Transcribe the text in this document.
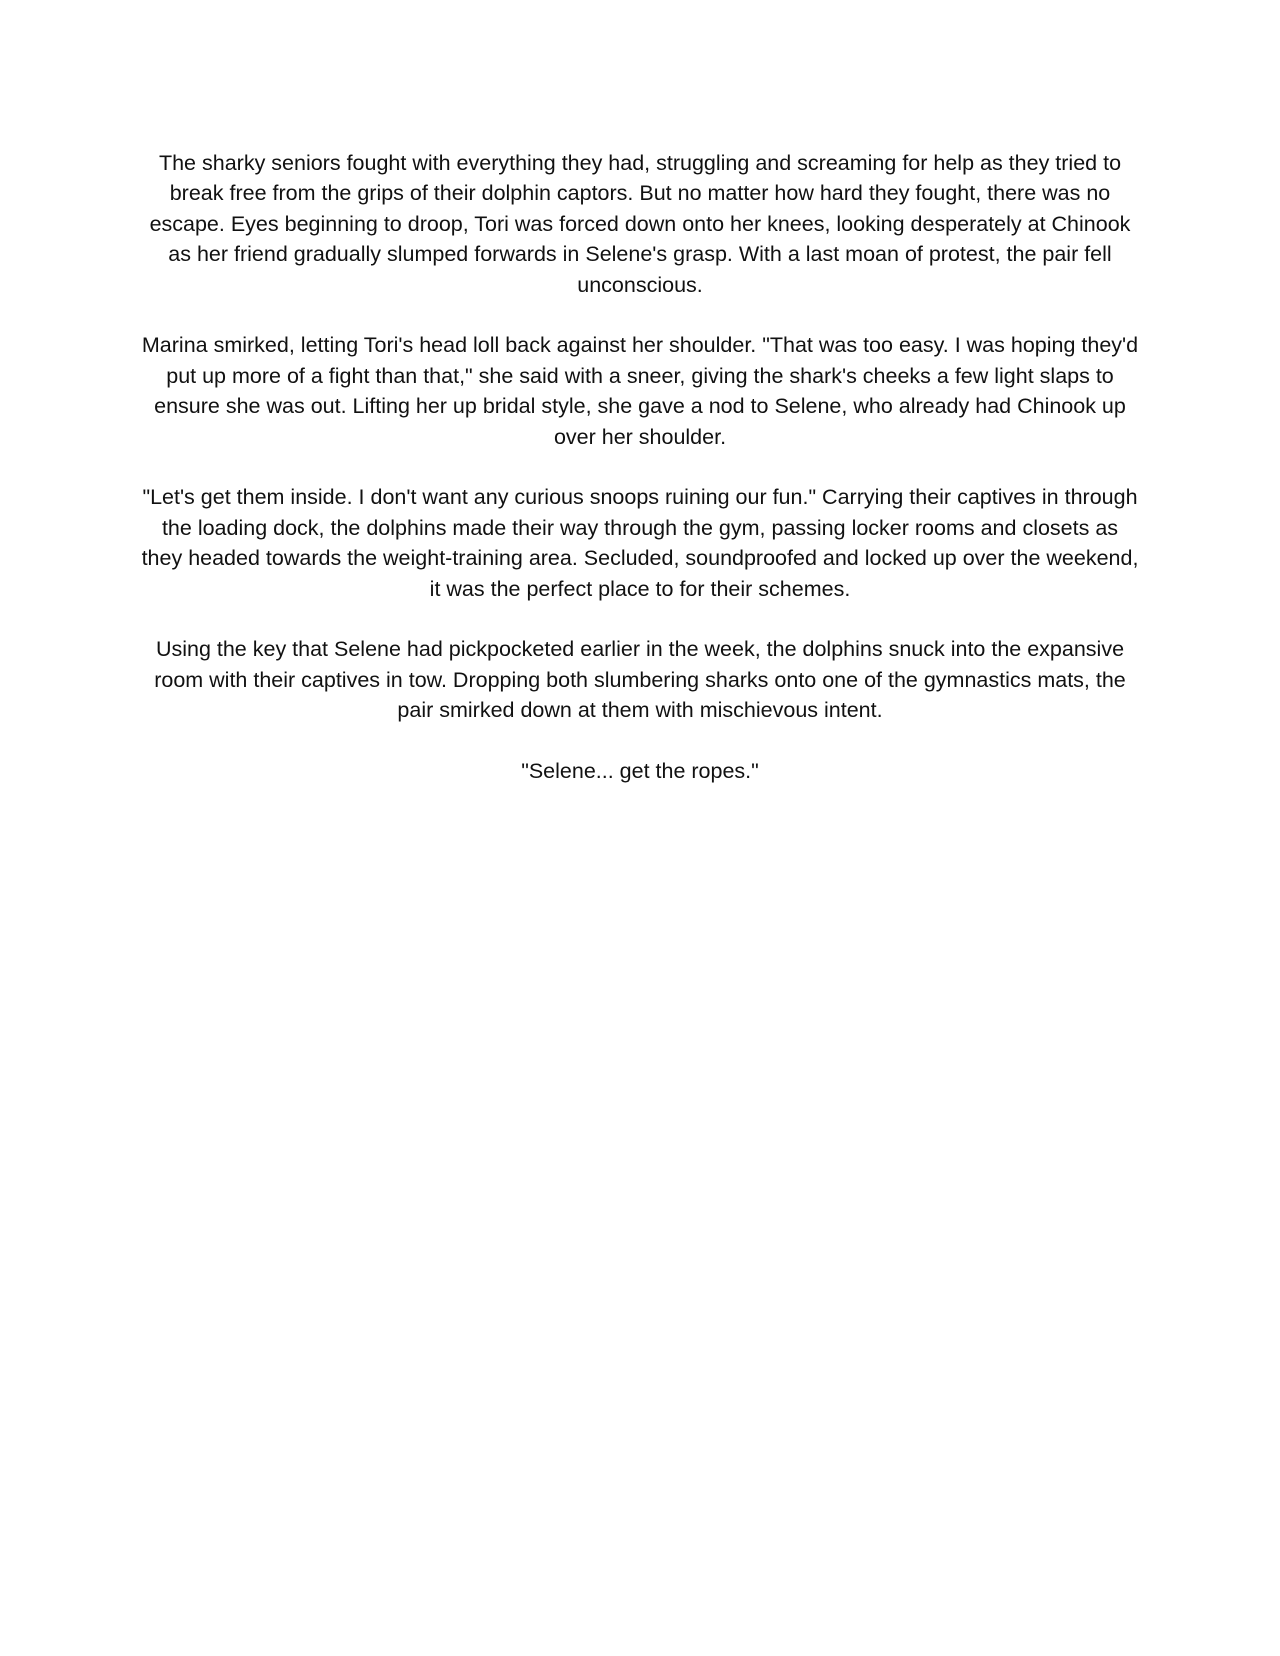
The sharky seniors fought with everything they had, struggling and screaming for help as they tried to break free from the grips of their dolphin captors. But no matter how hard they fought, there was no escape. Eyes beginning to droop, Tori was forced down onto her knees, looking desperately at Chinook as her friend gradually slumped forwards in Selene's grasp. With a last moan of protest, the pair fell unconscious.

Marina smirked, letting Tori's head loll back against her shoulder. "That was too easy. I was hoping they'd put up more of a fight than that," she said with a sneer, giving the shark's cheeks a few light slaps to ensure she was out. Lifting her up bridal style, she gave a nod to Selene, who already had Chinook up over her shoulder.

"Let's get them inside. I don't want any curious snoops ruining our fun." Carrying their captives in through the loading dock, the dolphins made their way through the gym, passing locker rooms and closets as they headed towards the weight-training area. Secluded, soundproofed and locked up over the weekend, it was the perfect place to for their schemes.

Using the key that Selene had pickpocketed earlier in the week, the dolphins snuck into the expansive room with their captives in tow. Dropping both slumbering sharks onto one of the gymnastics mats, the pair smirked down at them with mischievous intent.

"Selene... get the ropes."
